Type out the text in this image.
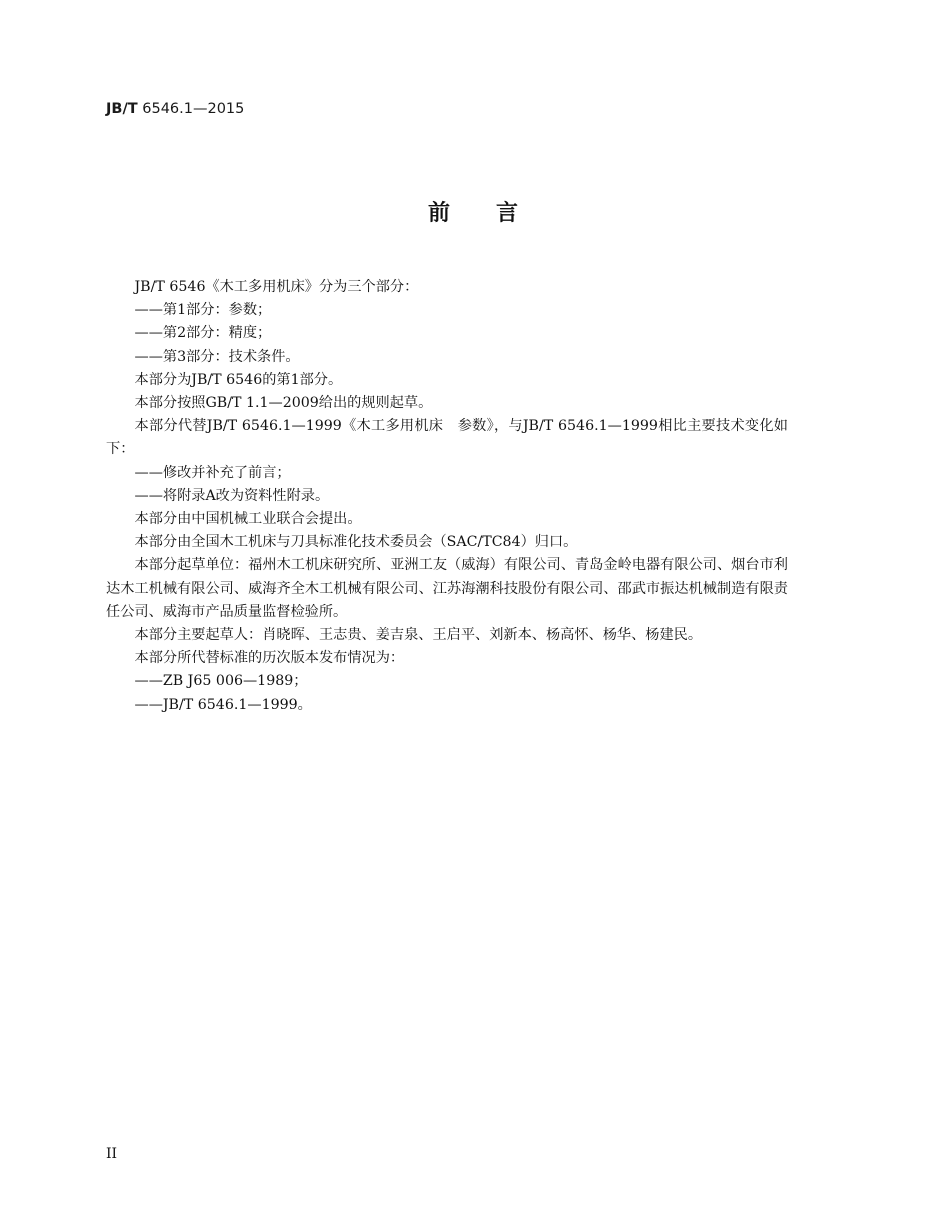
JB/T 6546.1—2015
前言

JB/T 6546《木工多用机床》分为三个部分：

——第1部分：参数；

——第2部分：精度；

——第3部分：技术条件。

本部分为JB/T 6546的第1部分。

本部分按照GB/T 1.1—2009给出的规则起草。

本部分代替JB/T 6546.1—1999《木工多用机床　参数》，与JB/T 6546.1—1999相比主要技术变化如下：

——修改并补充了前言；

——将附录A改为资料性附录。

本部分由中国机械工业联合会提出。

本部分由全国木工机床与刀具标准化技术委员会（SAC/TC84）归口。

本部分起草单位：福州木工机床研究所、亚洲工友（威海）有限公司、青岛金岭电器有限公司、烟台市利达木工机械有限公司、威海齐全木工机械有限公司、江苏海潮科技股份有限公司、邵武市振达机械制造有限责任公司、威海市产品质量监督检验所。

本部分主要起草人：肖晓晖、王志贵、姜吉泉、王启平、刘新本、杨高怀、杨华、杨建民。

本部分所代替标准的历次版本发布情况为：

——ZB J65 006—1989；

——JB/T 6546.1—1999。

II
